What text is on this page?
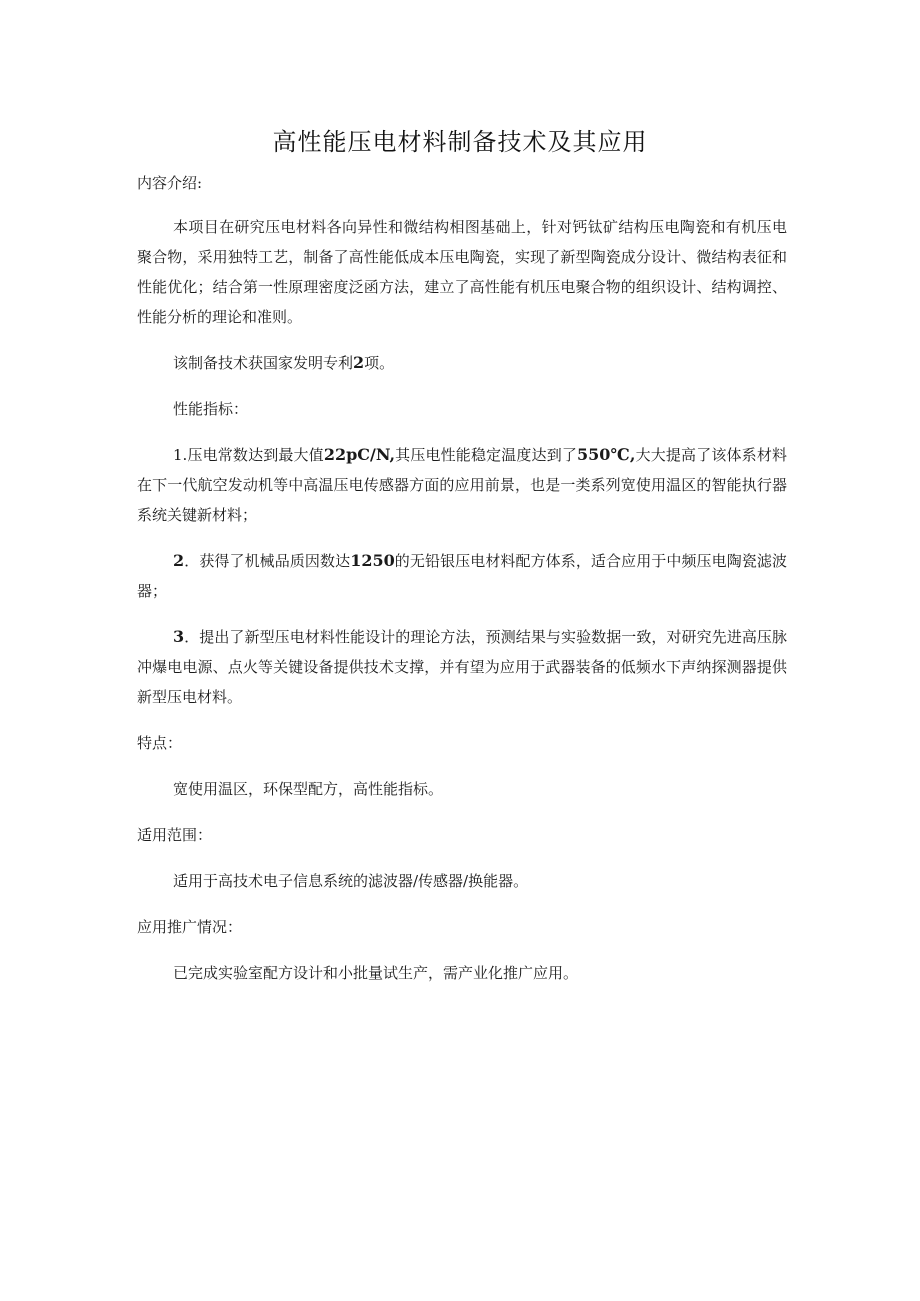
高性能压电材料制备技术及其应用

内容介绍:

本项目在研究压电材料各向异性和微结构相图基础上，针对钙钛矿结构压电陶瓷和有机压电聚合物，采用独特工艺，制备了高性能低成本压电陶瓷，实现了新型陶瓷成分设计、微结构表征和性能优化；结合第一性原理密度泛函方法，建立了高性能有机压电聚合物的组织设计、结构调控、性能分析的理论和准则。

该制备技术获国家发明专利2项。

性能指标：

1.压电常数达到最大值22pC/N,其压电性能稳定温度达到了550℃,大大提高了该体系材料在下一代航空发动机等中高温压电传感器方面的应用前景，也是一类系列宽使用温区的智能执行器系统关键新材料；

2．获得了机械品质因数达1250的无铅银压电材料配方体系，适合应用于中频压电陶瓷滤波器；

3．提出了新型压电材料性能设计的理论方法，预测结果与实验数据一致，对研究先进高压脉冲爆电电源、点火等关键设备提供技术支撑，并有望为应用于武器装备的低频水下声纳探测器提供新型压电材料。

特点：

宽使用温区，环保型配方，高性能指标。

适用范围：

适用于高技术电子信息系统的滤波器/传感器/换能器。

应用推广情况：

已完成实验室配方设计和小批量试生产，需产业化推广应用。
